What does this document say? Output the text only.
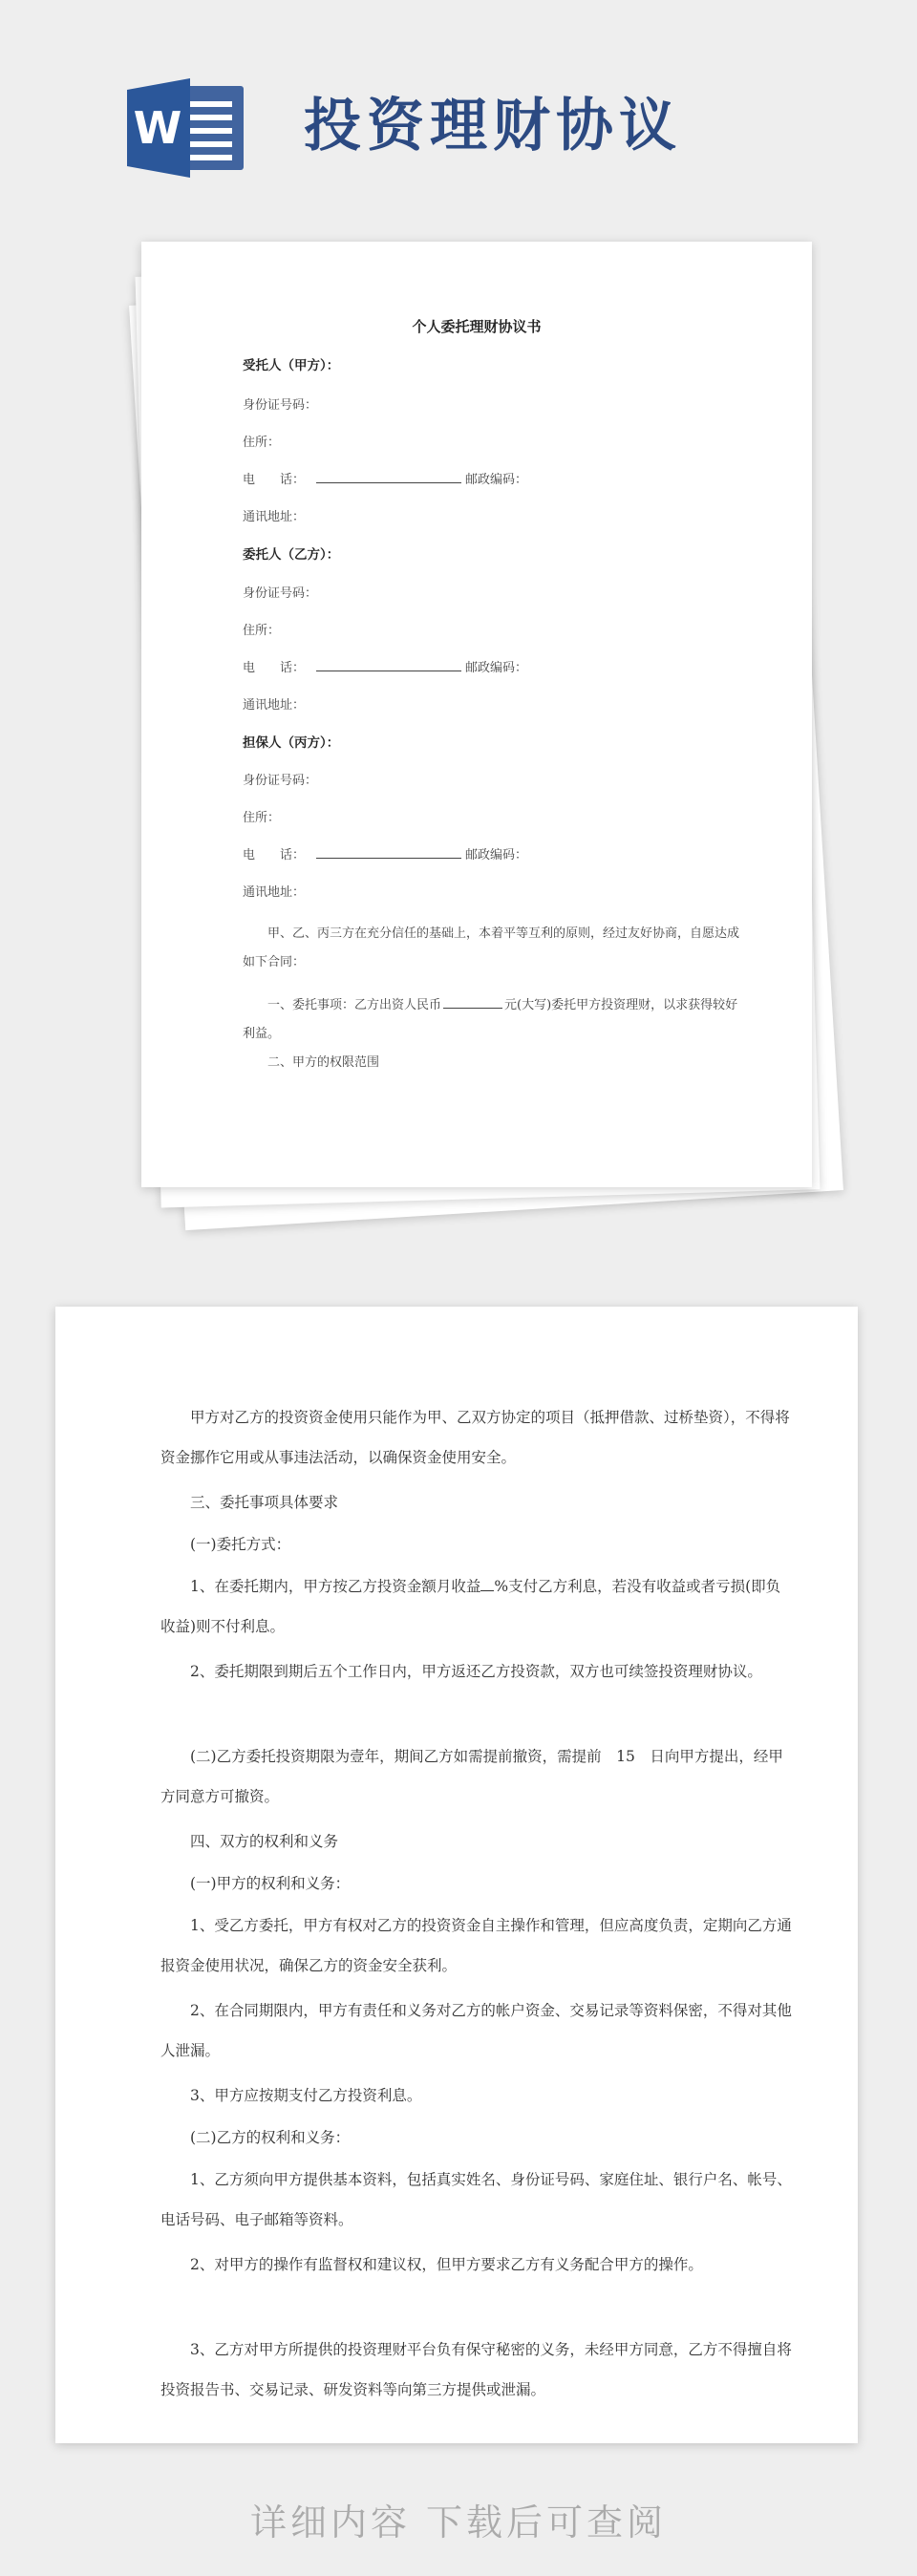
W 投资理财协议
个人委托理财协议书
受托人（甲方）：
身份证号码：
住所：
电　　话：	邮政编码：
通讯地址：
委托人（乙方）：
身份证号码：
住所：
电　　话：	邮政编码：
通讯地址：
担保人（丙方）：
身份证号码：
住所：
电　　话：	邮政编码：
通讯地址：
甲、乙、丙三方在充分信任的基础上，本着平等互利的原则，经过友好协商，自愿达成如下合同：
一、委托事项：乙方出资人民币	元(大写)委托甲方投资理财，以求获得较好利益。
二、甲方的权限范围
甲方对乙方的投资资金使用只能作为甲、乙双方协定的项目（抵押借款、过桥垫资），不得将资金挪作它用或从事违法活动，以确保资金使用安全。
三、委托事项具体要求
(一)委托方式：
1、在委托期内，甲方按乙方投资金额月收益 %支付乙方利息，若没有收益或者亏损(即负收益)则不付利息。
2、委托期限到期后五个工作日内，甲方返还乙方投资款，双方也可续签投资理财协议。
(二)乙方委托投资期限为壹年，期间乙方如需提前撤资，需提前　15　日向甲方提出，经甲方同意方可撤资。
四、双方的权利和义务
(一)甲方的权利和义务：
1、受乙方委托，甲方有权对乙方的投资资金自主操作和管理，但应高度负责，定期向乙方通报资金使用状况，确保乙方的资金安全获利。
2、在合同期限内，甲方有责任和义务对乙方的帐户资金、交易记录等资料保密，不得对其他人泄漏。
3、甲方应按期支付乙方投资利息。
(二)乙方的权利和义务：
1、乙方须向甲方提供基本资料，包括真实姓名、身份证号码、家庭住址、银行户名、帐号、电话号码、电子邮箱等资料。
2、对甲方的操作有监督权和建议权，但甲方要求乙方有义务配合甲方的操作。
3、乙方对甲方所提供的投资理财平台负有保守秘密的义务，未经甲方同意，乙方不得擅自将投资报告书、交易记录、研发资料等向第三方提供或泄漏。
详细内容 下载后可查阅
